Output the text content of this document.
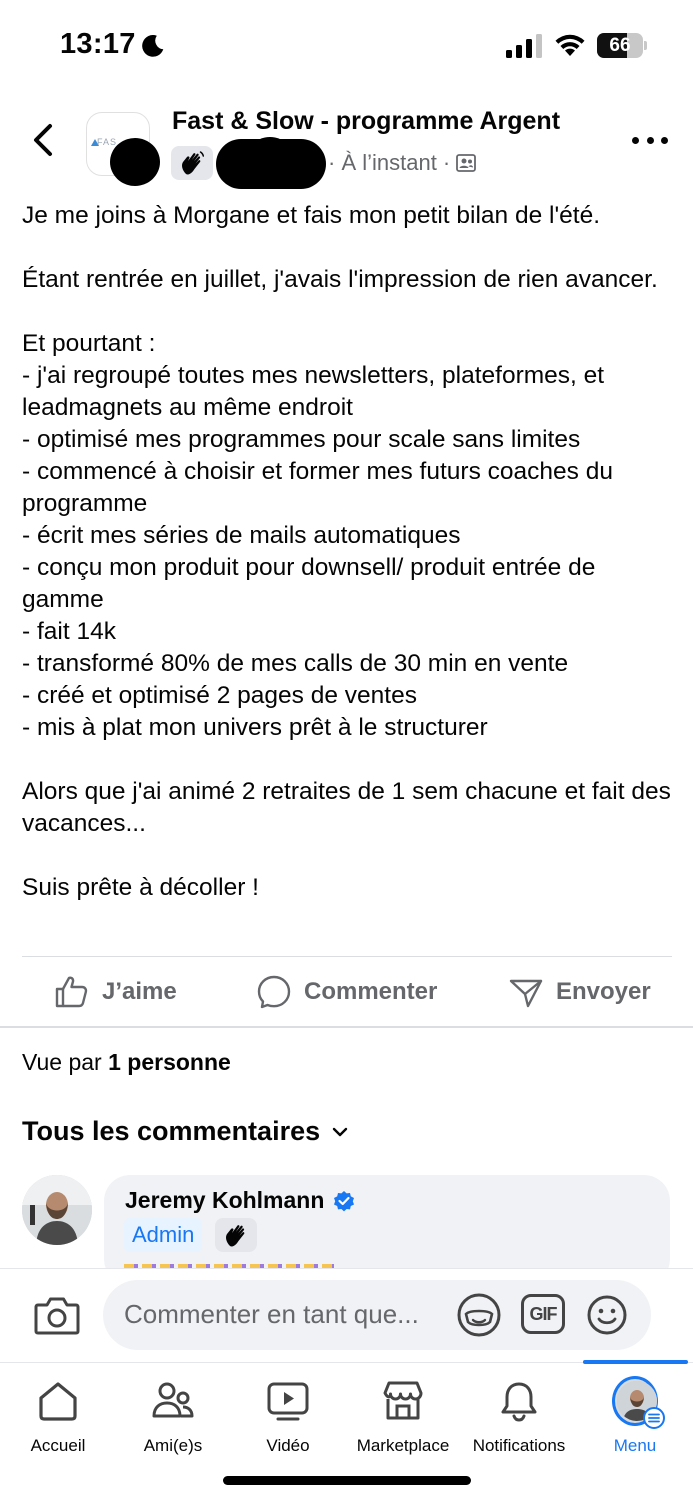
13:17	66
FAS
Fast & Slow - programme Argent
· À l’instant ·

Je me joins à Morgane et fais mon petit bilan de l'été.

Étant rentrée en juillet, j'avais l'impression de rien avancer.

Et pourtant :
- j'ai regroupé toutes mes newsletters, plateformes, et leadmagnets au même endroit
- optimisé mes programmes pour scale sans limites
- commencé à choisir et former mes futurs coaches du programme
- écrit mes séries de mails automatiques
- conçu mon produit pour downsell/ produit entrée de gamme
- fait 14k
- transformé 80% de mes calls de 30 min en vente
- créé et optimisé 2 pages de ventes
- mis à plat mon univers prêt à le structurer

Alors que j'ai animé 2 retraites de 1 sem chacune et fait des vacances...

Suis prête à décoller !

J’aime	Commenter	Envoyer
Vue par 1 personne
Tous les commentaires
Jeremy Kohlmann
Admin
Commenter en tant que...	GIF
Accueil	Ami(e)s	Vidéo	Marketplace Notifications	Menu
